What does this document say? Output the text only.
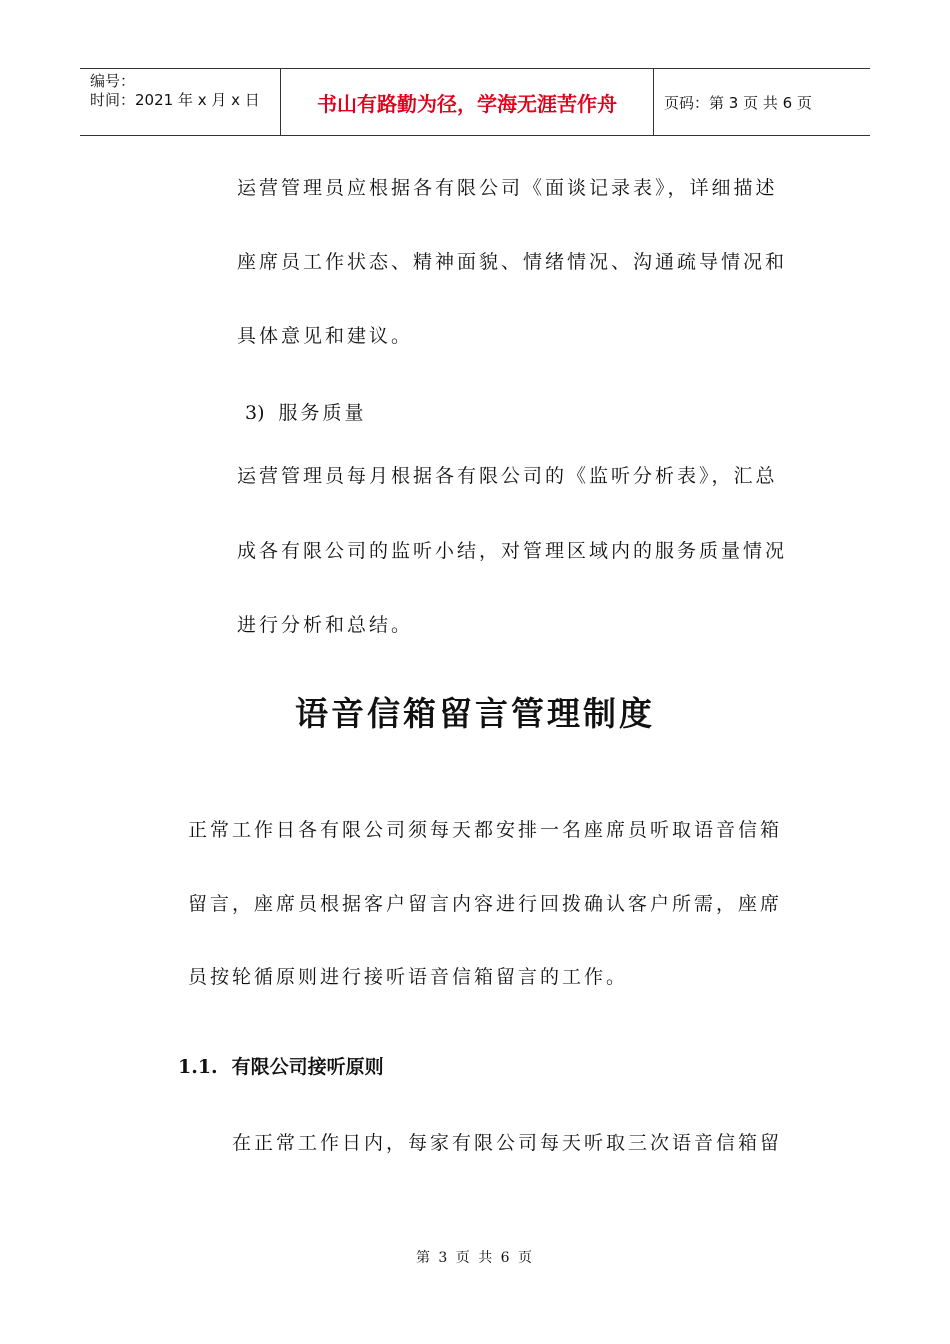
编号：
时间：2021 年 x 月 x 日	书山有路勤为径，学海无涯苦作舟	页码：第 3 页 共 6 页
运营管理员应根据各有限公司《面谈记录表》，详细描述
座席员工作状态、精神面貌、情绪情况、沟通疏导情况和
具体意见和建议。
3) 服务质量
运营管理员每月根据各有限公司的《监听分析表》，汇总
成各有限公司的监听小结，对管理区域内的服务质量情况
进行分析和总结。
语音信箱留言管理制度
正常工作日各有限公司须每天都安排一名座席员听取语音信箱
留言，座席员根据客户留言内容进行回拨确认客户所需，座席
员按轮循原则进行接听语音信箱留言的工作。
1.1. 有限公司接听原则
在正常工作日内，每家有限公司每天听取三次语音信箱留
第 3 页 共 6 页
